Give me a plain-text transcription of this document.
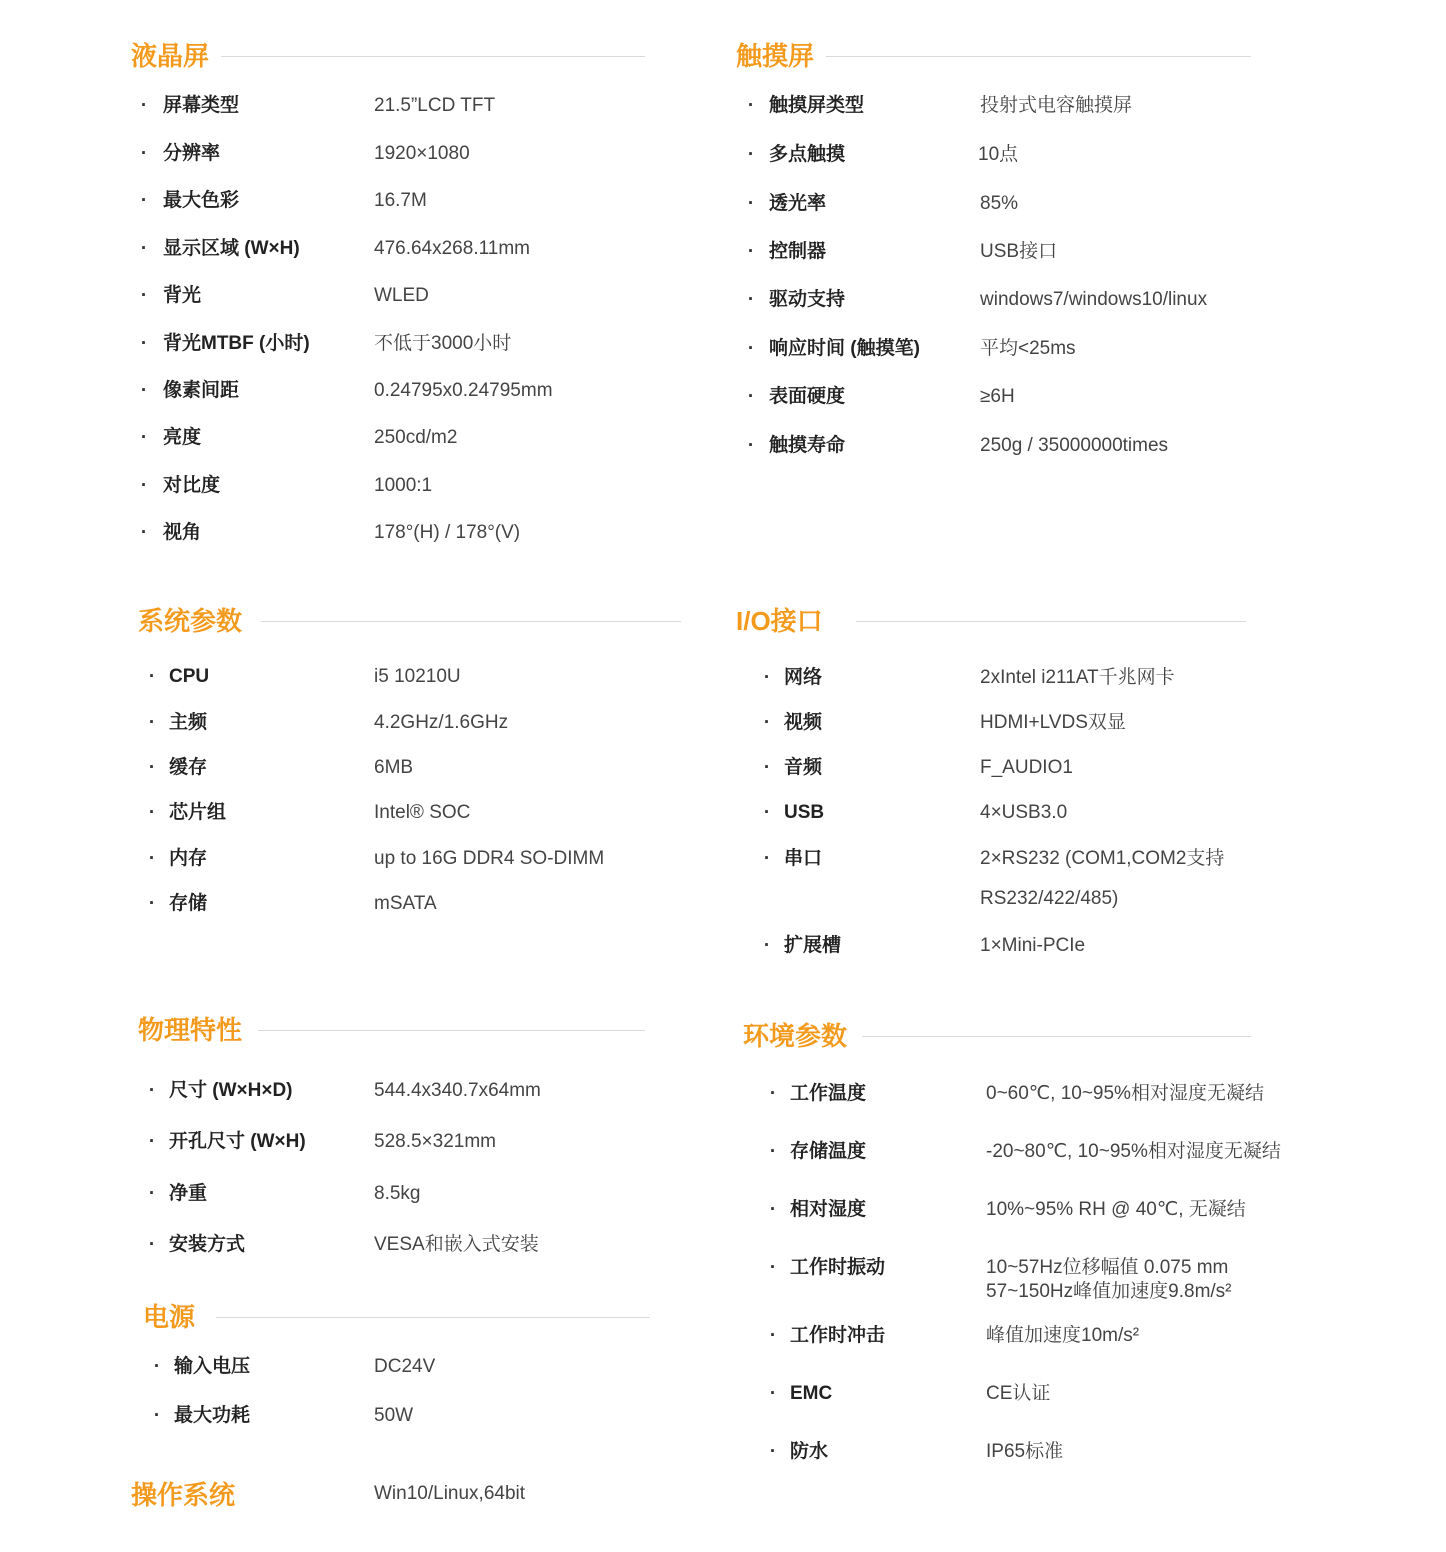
液晶屏
· 屏幕类型	21.5”LCD TFT
· 分辨率	1920×1080
· 最大色彩	16.7M
· 显示区域 (W×H)	476.64x268.11mm
· 背光	WLED
· 背光MTBF (小时)	不低于3000小时
· 像素间距	0.24795x0.24795mm
· 亮度	250cd/m2
· 对比度	1000:1
· 视角	178°(H) / 178°(V)
触摸屏
· 触摸屏类型	投射式电容触摸屏
· 多点触摸	10点
· 透光率	85%
· 控制器	USB接口
· 驱动支持	windows7/windows10/linux
· 响应时间 (触摸笔)	平均<25ms
· 表面硬度	≥6H
· 触摸寿命	250g / 35000000times
系统参数
· CPU	i5 10210U
· 主频	4.2GHz/1.6GHz
· 缓存	6MB
· 芯片组	Intel® SOC
· 内存	up to 16G DDR4 SO-DIMM
· 存储	mSATA
I/O接口
· 网络	2xIntel i211AT千兆网卡
· 视频	HDMI+LVDS双显
· 音频	F_AUDIO1
· USB	4×USB3.0
· 串口	2×RS232 (COM1,COM2支持
RS232/422/485)
· 扩展槽	1×Mini-PCIe
物理特性
· 尺寸 (W×H×D)	544.4x340.7x64mm
· 开孔尺寸 (W×H)	528.5×321mm
· 净重	8.5kg
· 安装方式	VESA和嵌入式安装
电源
· 输入电压	DC24V
· 最大功耗	50W
操作系统	Win10/Linux,64bit
环境参数
· 工作温度	0~60℃, 10~95%相对湿度无凝结
· 存储温度	-20~80℃, 10~95%相对湿度无凝结
· 相对湿度	10%~95% RH @ 40℃, 无凝结
· 工作时振动	10~57Hz位移幅值 0.075 mm
57~150Hz峰值加速度9.8m/s²
· 工作时冲击	峰值加速度10m/s²
· EMC	CE认证
· 防水	IP65标准
